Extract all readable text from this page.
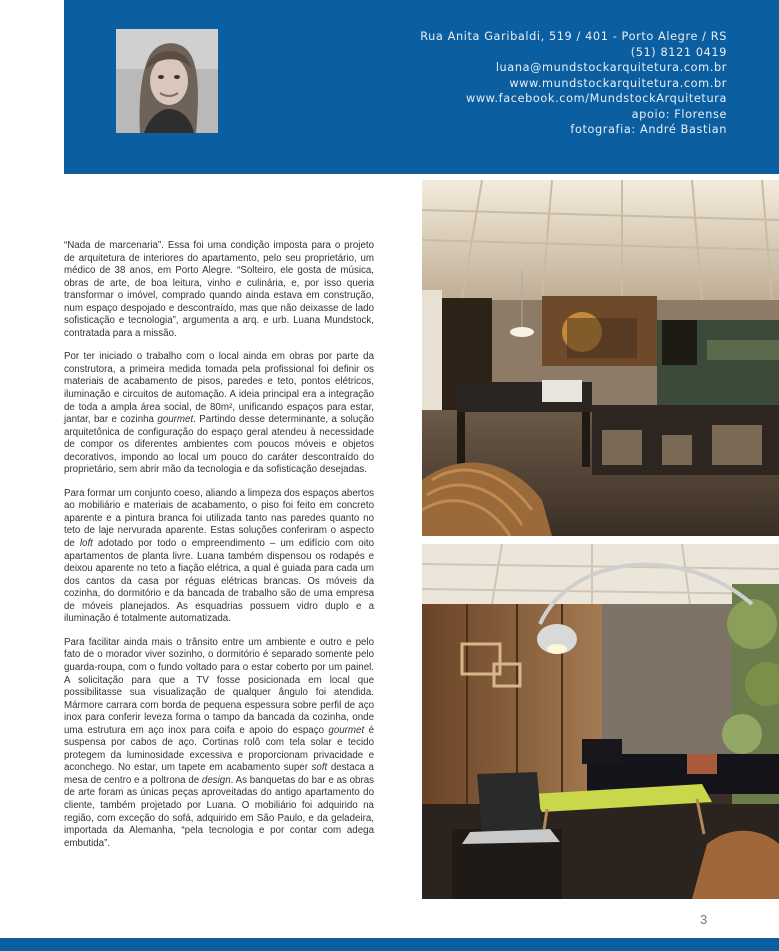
Rua Anita Garibaldi, 519 / 401 - Porto Alegre / RS
(51) 8121 0419
luana@mundstockarquitetura.com.br
www.mundstockarquitetura.com.br
www.facebook.com/MundstockArquitetura
apoio: Florense
fotografia: André Bastian

“Nada de marcenaria”. Essa foi uma condição imposta para o projeto de arquitetura de interiores do apartamento, pelo seu proprietário, um médico de 38 anos, em Porto Alegre. “Solteiro, ele gosta de música, obras de arte, de boa leitura, vinho e culinária, e, por isso queria transformar o imóvel, comprado quando ainda estava em construção, num espaço despojado e descontraído, mas que não deixasse de lado sofisticação e tecnologia”, argumenta a arq. e urb. Luana Mundstock, contratada para a missão.

Por ter iniciado o trabalho com o local ainda em obras por parte da construtora, a primeira medida tomada pela profissional foi definir os materiais de acabamento de pisos, paredes e teto, pontos elétricos, iluminação e circuitos de automação. A ideia principal era a integração de toda a ampla área social, de 80m², unificando espaços para estar, jantar, bar e cozinha gourmet. Partindo desse determinante, a solução arquitetônica de configuração do espaço geral atendeu à necessidade de compor os diferentes ambientes com poucos móveis e objetos decorativos, impondo ao local um pouco do caráter descontraído do proprietário, sem abrir mão da tecnologia e da sofisticação desejadas.

Para formar um conjunto coeso, aliando a limpeza dos espaços abertos ao mobiliário e materiais de acabamento, o piso foi feito em concreto aparente e a pintura branca foi utilizada tanto nas paredes quanto no teto de laje nervurada aparente. Estas soluções conferiram o aspecto de loft adotado por todo o empreendimento – um edifício com oito apartamentos de planta livre. Luana também dispensou os rodapés e deixou aparente no teto a fiação elétrica, a qual é guiada para cada um dos cantos da casa por réguas elétricas brancas. Os móveis da cozinha, do dormitório e da bancada de trabalho são de uma empresa de móveis planejados. As esquadrias possuem vidro duplo e a iluminação é totalmente automatizada.

Para facilitar ainda mais o trânsito entre um ambiente e outro e pelo fato de o morador viver sozinho, o dormitório é separado somente pelo guarda-roupa, com o fundo voltado para o estar coberto por um painel. A solicitação para que a TV fosse posicionada em local que possibilitasse sua visualização de qualquer ângulo foi atendida. Mármore carrara com borda de pequena espessura sobre perfil de aço inox para conferir leveza forma o tampo da bancada da cozinha, onde uma estrutura em aço inox para coifa e apoio do espaço gourmet é suspensa por cabos de aço. Cortinas rolô com tela solar e tecido protegem da luminosidade excessiva e proporcionam privacidade e aconchego. No estar, um tapete em acabamento super soft destaca a mesa de centro e a poltrona de design. As banquetas do bar e as obras de arte foram as únicas peças aproveitadas do antigo apartamento do cliente, também projetado por Luana. O mobiliário foi adquirido na região, com exceção do sofá, adquirido em São Paulo, e da geladeira, importada da Alemanha, “pela tecnologia e por contar com adega embutida”.

3
